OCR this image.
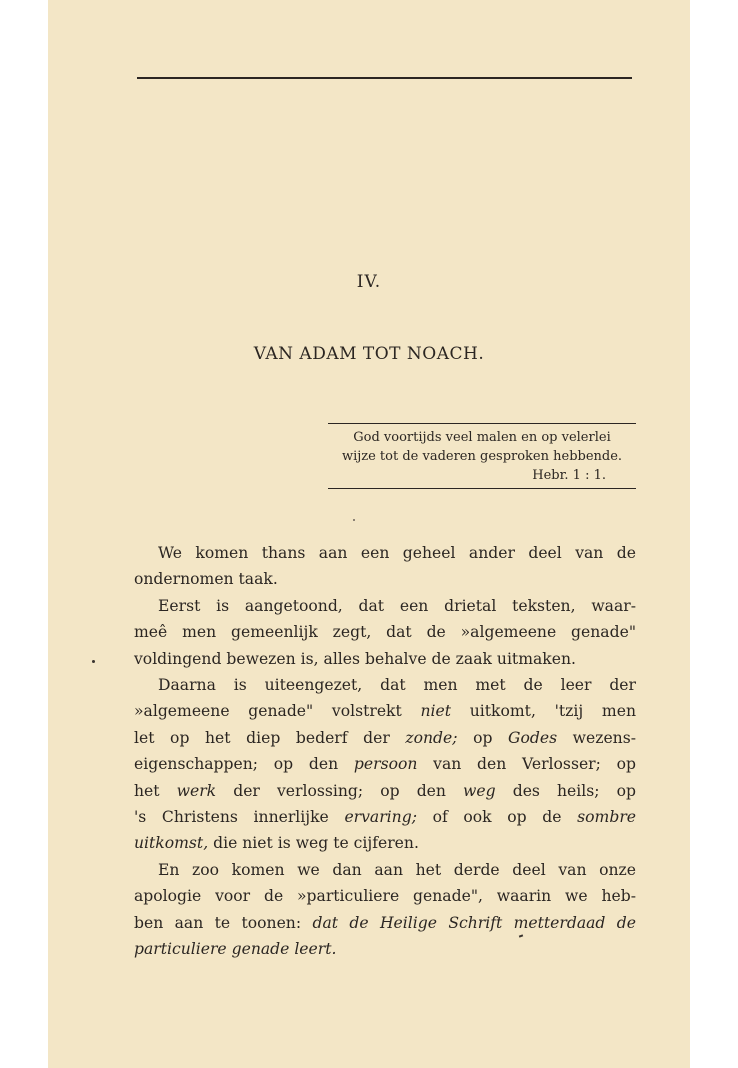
IV.
VAN ADAM TOT NOACH.
God voortijds veel malen en op velerlei
wijze tot de vaderen gesproken hebbende.
Hebr. 1 : 1.
We komen thans aan een geheel ander deel van de
ondernomen taak.
Eerst is aangetoond, dat een drietal teksten, waar-
meê men gemeenlijk zegt, dat de »algemeene genade"
voldingend bewezen is, alles behalve de zaak uitmaken.
Daarna is uiteengezet, dat men met de leer der
»algemeene genade" volstrekt niet uitkomt, 'tzij men
let op het diep bederf der zonde; op Godes wezens-
eigenschappen; op den persoon van den Verlosser; op
het werk der verlossing; op den weg des heils; op
's Christens innerlijke ervaring; of ook op de sombre
uitkomst, die niet is weg te cijferen.
En zoo komen we dan aan het derde deel van onze
apologie voor de »particuliere genade", waarin we heb-
ben aan te toonen: dat de Heilige Schrift metterdaad de
particuliere genade leert.
